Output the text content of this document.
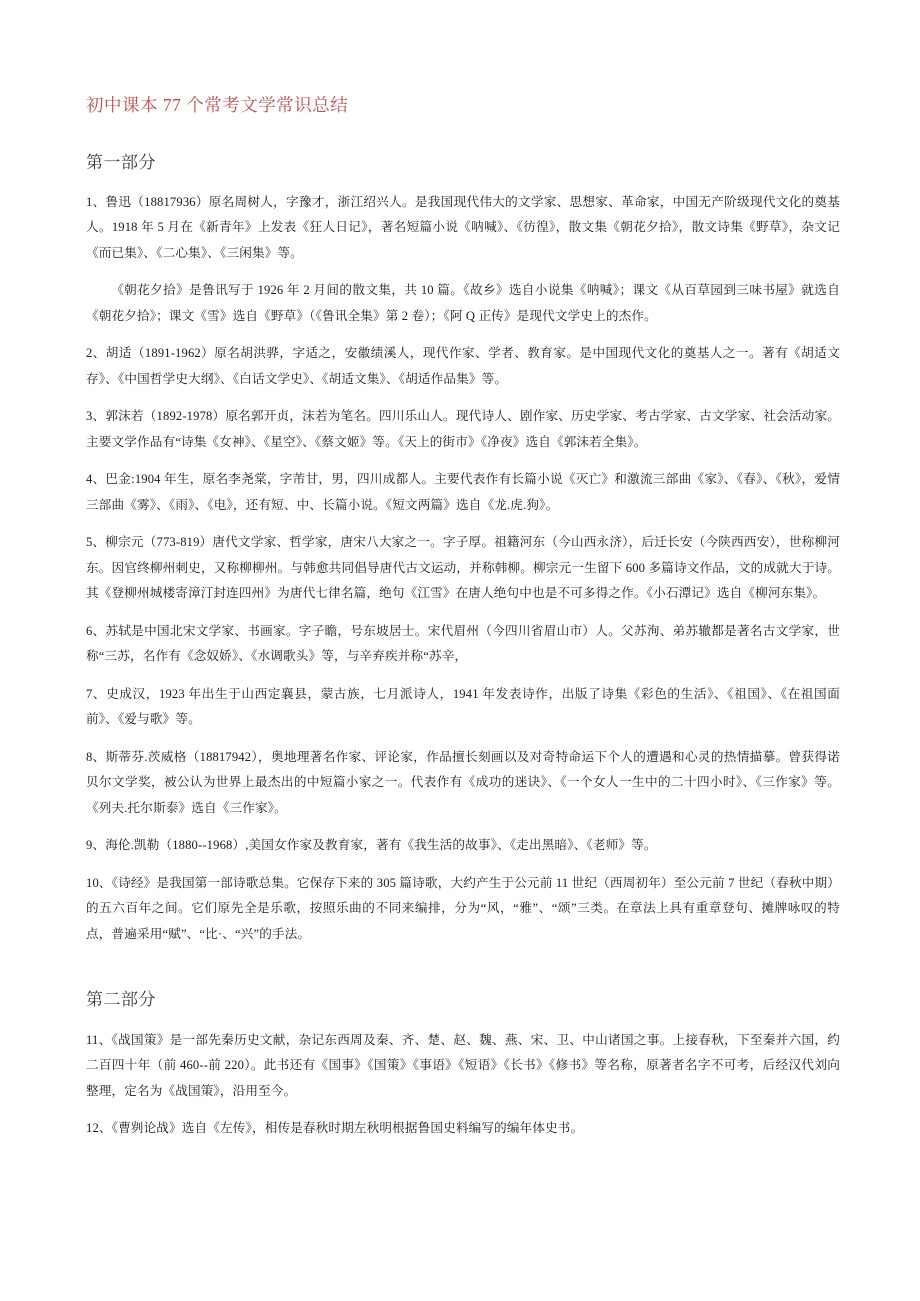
初中课本 77 个常考文学常识总结
第一部分

1、鲁迅（18817936）原名周树人，字豫才，浙江绍兴人。是我国现代伟大的文学家、思想家、革命家，中国无产阶级现代文化的奠基人。1918 年 5 月在《新青年》上发表《狂人日记》，著名短篇小说《呐喊》、《彷徨》，散文集《朝花夕拾》，散文诗集《野草》，杂文记《而已集》、《二心集》、《三闲集》等。

《朝花夕拾》是鲁讯写于 1926 年 2 月间的散文集，共 10 篇。《故乡》选自小说集《呐喊》；课文《从百草园到三味书屋》就选自《朝花夕拾》；课文《雪》选自《野草》（《鲁讯全集》第 2 卷）；《阿 Q 正传》是现代文学史上的杰作。

2、胡适（1891-1962）原名胡洪骅，字适之，安徽绩溪人，现代作家、学者、教育家。是中国现代文化的奠基人之一。著有《胡适文存》、《中国哲学史大纲》、《白话文学史》、《胡适文集》、《胡适作品集》等。

3、郭沫若（1892-1978）原名郭开贞，沫若为笔名。四川乐山人。现代诗人、剧作家、历史学家、考古学家、古文学家、社会活动家。主要文学作品有“诗集《女神》、《星空》、《蔡文姬》等。《天上的街市》《净夜》选自《郭沫若全集》。

4、巴金:1904 年生，原名李尧棠，字芾甘，男，四川成都人。主要代表作有长篇小说《灭亡》和激流三部曲《家》、《春》、《秋》，爱情三部曲《雾》、《雨》、《电》，还有短、中、长篇小说。《短文两篇》选自《龙.虎.狗》。

5、柳宗元（773-819）唐代文学家、哲学家，唐宋八大家之一。字子厚。祖籍河东（今山西永济），后迁长安（今陕西西安），世称柳河东。因官终柳州刺史，又称柳柳州。与韩愈共同倡导唐代古文运动，并称韩柳。柳宗元一生留下 600 多篇诗文作品，文的成就大于诗。其《登柳州城楼寄漳汀封连四州》为唐代七律名篇，绝句《江雪》在唐人绝句中也是不可多得之作。《小石潭记》选自《柳河东集》。

6、苏轼是中国北宋文学家、书画家。字子瞻，号东坡居士。宋代眉州（今四川省眉山市）人。父苏洵、弟苏辙都是著名古文学家，世称“三苏，名作有《念奴娇》、《水调歌头》等，与辛弃疾并称“苏辛，

7、史成汉，1923 年出生于山西定襄县，蒙古族，七月派诗人，1941 年发表诗作，出版了诗集《彩色的生活》、《祖国》、《在祖国面前》、《爱与歌》等。

8、斯蒂芬.茨威格（18817942），奥地理著名作家、评论家，作品擅长刻画以及对奇特命运下个人的遭遇和心灵的热情描摹。曾获得诺贝尔文学奖，被公认为世界上最杰出的中短篇小家之一。代表作有《成功的迷诀》、《一个女人一生中的二十四小时》、《三作家》等。《列夫.托尔斯泰》选自《三作家》。

9、海伦.凯勒（1880--1968）,美国女作家及教育家，著有《我生活的故事》、《走出黑暗》、《老师》等。

10、《诗经》是我国第一部诗歌总集。它保存下来的 305 篇诗歌，大约产生于公元前 11 世纪（西周初年）至公元前 7 世纪（春秋中期）的五六百年之间。它们原先全是乐歌，按照乐曲的不同来编排，分为“风，“雅”、“颂”三类。在章法上具有重章登句、摊牌咏叹的特点，普遍采用“赋”、“比·、“兴”的手法。

第二部分

11、《战国策》是一部先秦历史文献，杂记东西周及秦、齐、楚、赵、魏、燕、宋、卫、中山诸国之事。上接春秋，下至秦并六国，约二百四十年（前 460--前 220）。此书还有《国事》《国策》《事语》《短语》《长书》《修书》等名称，原著者名字不可考，后经汉代刘向整理，定名为《战国策》，沿用至今。

12、《曹刿论战》选自《左传》，相传是春秋时期左秋明根据鲁国史料编写的编年体史书。
